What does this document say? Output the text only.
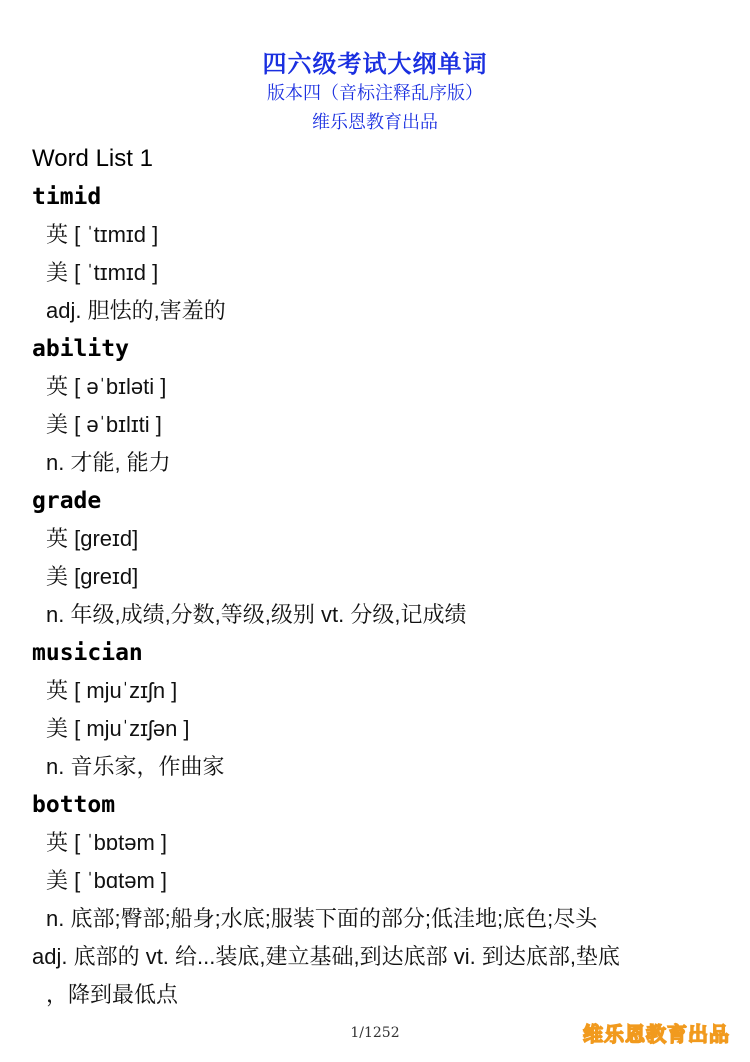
四六级考试大纲单词
版本四（音标注释乱序版）
维乐恩教育出品
Word List 1
timid
英 [ ˈtɪmɪd ]
美 [ ˈtɪmɪd ]
adj. 胆怯的,害羞的
ability
英 [ əˈbɪləti ]
美 [ əˈbɪlɪti ]
n. 才能, 能力
grade
英 [greɪd]
美 [greɪd]
n. 年级,成绩,分数,等级,级别 vt. 分级,记成绩
musician
英 [ mjuˈzɪʃn ]
美 [ mjuˈzɪʃən ]
n. 音乐家，作曲家
bottom
英 [ ˈbɒtəm ]
美 [ ˈbɑtəm ]
n. 底部;臀部;船身;水底;服装下面的部分;低洼地;底色;尽头
adj. 底部的 vt. 给...装底,建立基础,到达底部 vi. 到达底部,垫底
，降到最低点
1/1252	维乐恩教育出品
